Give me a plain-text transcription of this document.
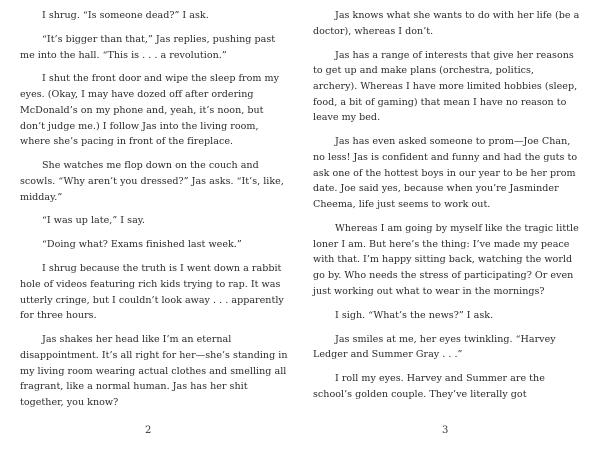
I shrug. “Is someone dead?” I ask.

“It’s bigger than that,” Jas replies, pushing past me into the hall. “This is . . . a revolution.”

I shut the front door and wipe the sleep from my eyes. (Okay, I may have dozed off after ordering McDonald’s on my phone and, yeah, it’s noon, but don’t judge me.) I follow Jas into the living room, where she’s pacing in front of the fireplace.

She watches me flop down on the couch and scowls. “Why aren’t you dressed?” Jas asks. “It’s, like, midday.”

“I was up late,” I say.

“Doing what? Exams finished last week.”

I shrug because the truth is I went down a rabbit hole of videos featuring rich kids trying to rap. It was utterly cringe, but I couldn’t look away . . . apparently for three hours.

Jas shakes her head like I’m an eternal disappointment. It’s all right for her—she’s standing in my living room wearing actual clothes and smelling all fragrant, like a normal human. Jas has her shit together, you know?

2

Jas knows what she wants to do with her life (be a doctor), whereas I don’t.

Jas has a range of interests that give her reasons to get up and make plans (orchestra, politics, archery). Whereas I have more limited hobbies (sleep, food, a bit of gaming) that mean I have no reason to leave my bed.

Jas has even asked someone to prom—Joe Chan, no less! Jas is confident and funny and had the guts to ask one of the hottest boys in our year to be her prom date. Joe said yes, because when you’re Jasminder Cheema, life just seems to work out.

Whereas I am going by myself like the tragic little loner I am. But here’s the thing: I’ve made my peace with that. I’m happy sitting back, watching the world go by. Who needs the stress of participating? Or even just working out what to wear in the mornings?

I sigh. “What’s the news?” I ask.

Jas smiles at me, her eyes twinkling. “Harvey Ledger and Summer Gray . . .”

I roll my eyes. Harvey and Summer are the school’s golden couple. They’ve literally got

3
